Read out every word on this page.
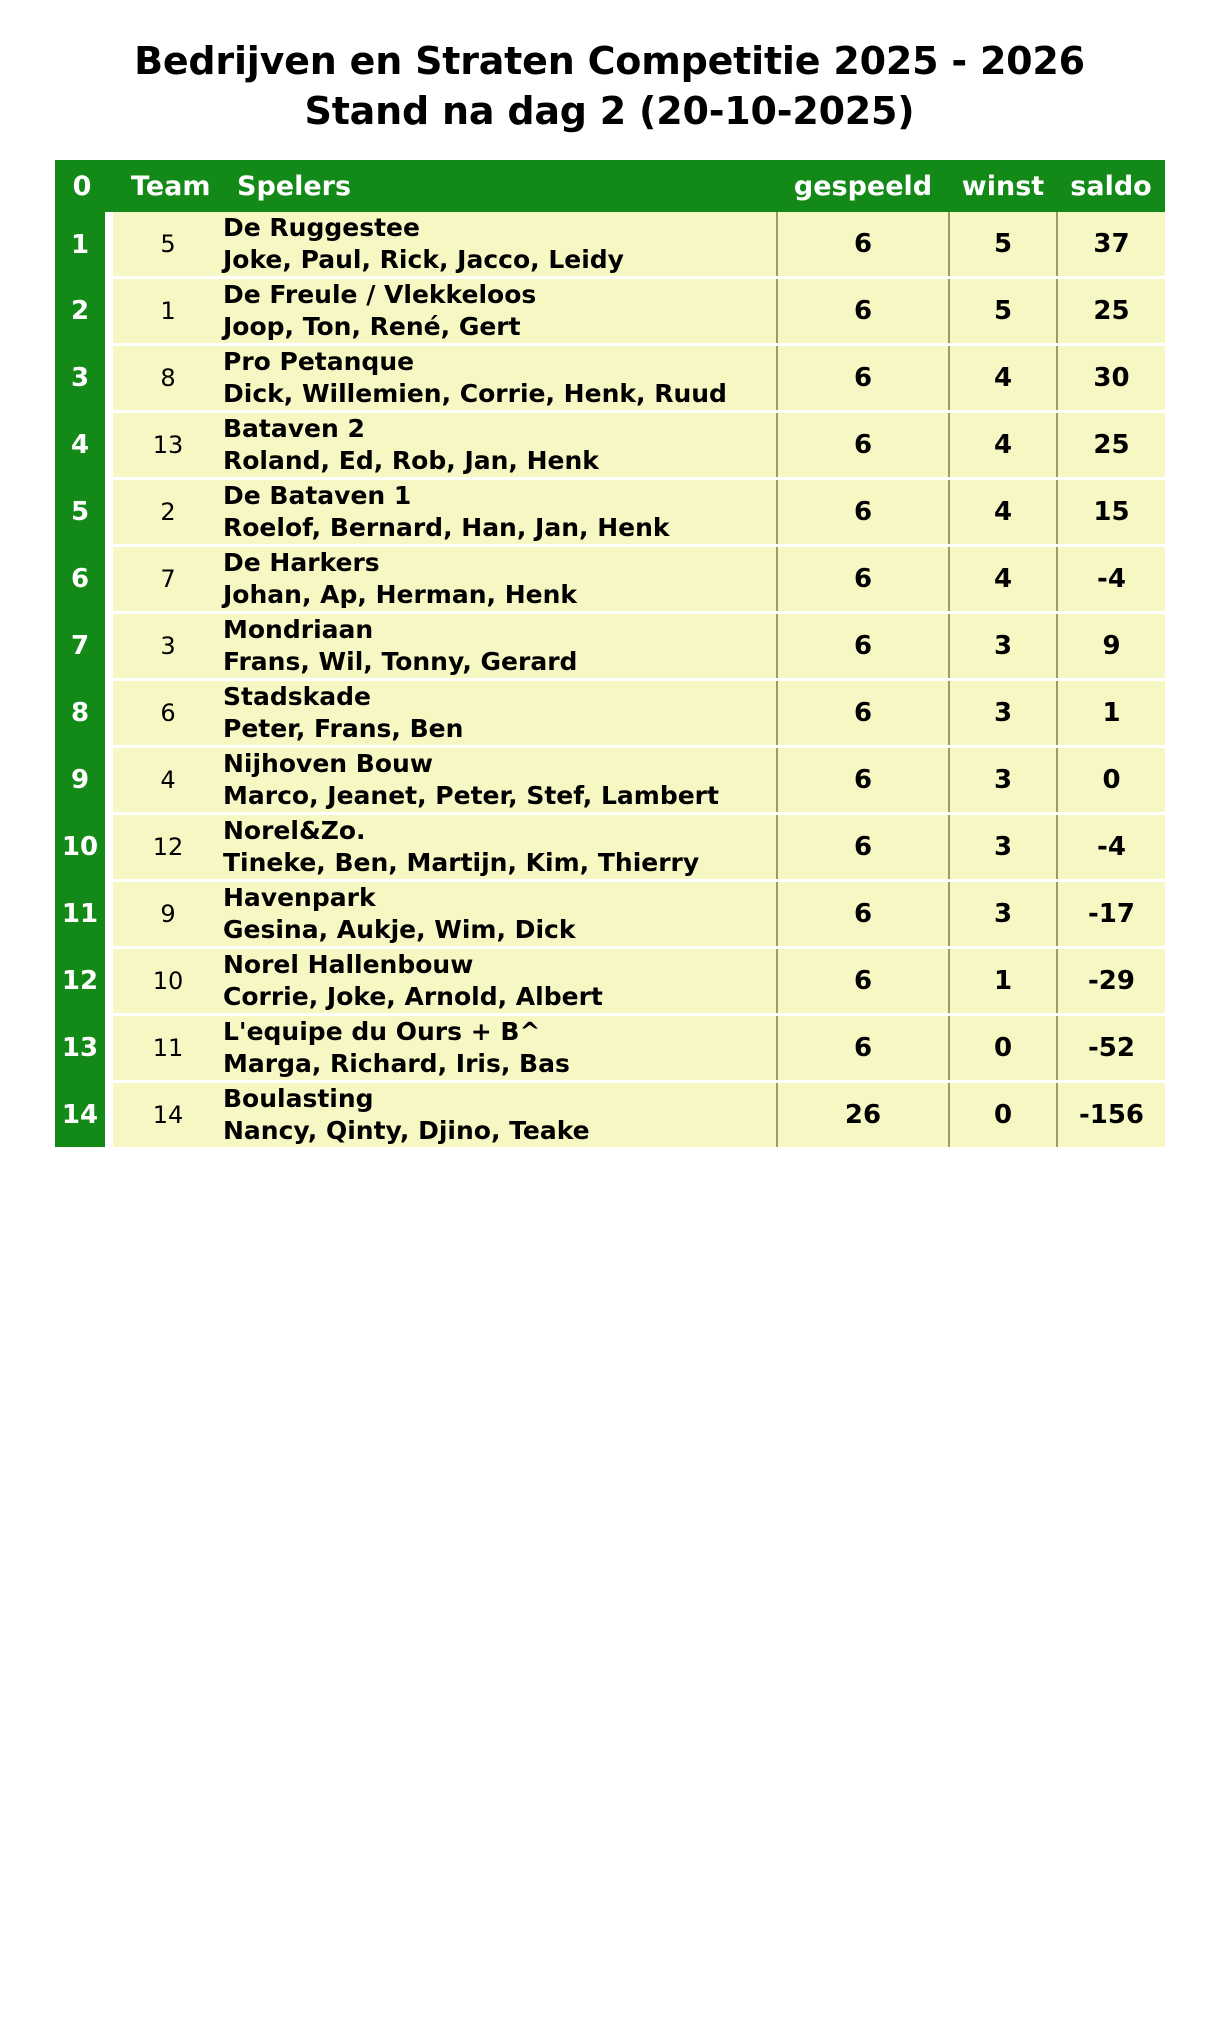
Bedrijven en Straten Competitie 2025 - 2026
Stand na dag 2 (20-10-2025)
0	Team	Spelers	gespeeld	winst	saldo
1	5	De Ruggestee
Joke, Paul, Rick, Jacco, Leidy	6	5	37
2	1	De Freule / Vlekkeloos
Joop, Ton, René, Gert	6	5	25
3	8	Pro Petanque
Dick, Willemien, Corrie, Henk, Ruud	6	4	30
4	13	Bataven 2
Roland, Ed, Rob, Jan, Henk	6	4	25
5	2	De Bataven 1
Roelof, Bernard, Han, Jan, Henk	6	4	15
6	7	De Harkers
Johan, Ap, Herman, Henk	6	4	-4
7	3	Mondriaan
Frans, Wil, Tonny, Gerard	6	3	9
8	6	Stadskade
Peter, Frans, Ben	6	3	1
9	4	Nijhoven Bouw
Marco, Jeanet, Peter, Stef, Lambert	6	3	0
10	12	Norel&Zo.
Tineke, Ben, Martijn, Kim, Thierry	6	3	-4
11	9	Havenpark
Gesina, Aukje, Wim, Dick	6	3	-17
12	10	Norel Hallenbouw
Corrie, Joke, Arnold, Albert	6	1	-29
13	11	L'equipe du Ours + B^
Marga, Richard, Iris, Bas	6	0	-52
14	14	Boulasting
Nancy, Qinty, Djino, Teake	26	0	-156
